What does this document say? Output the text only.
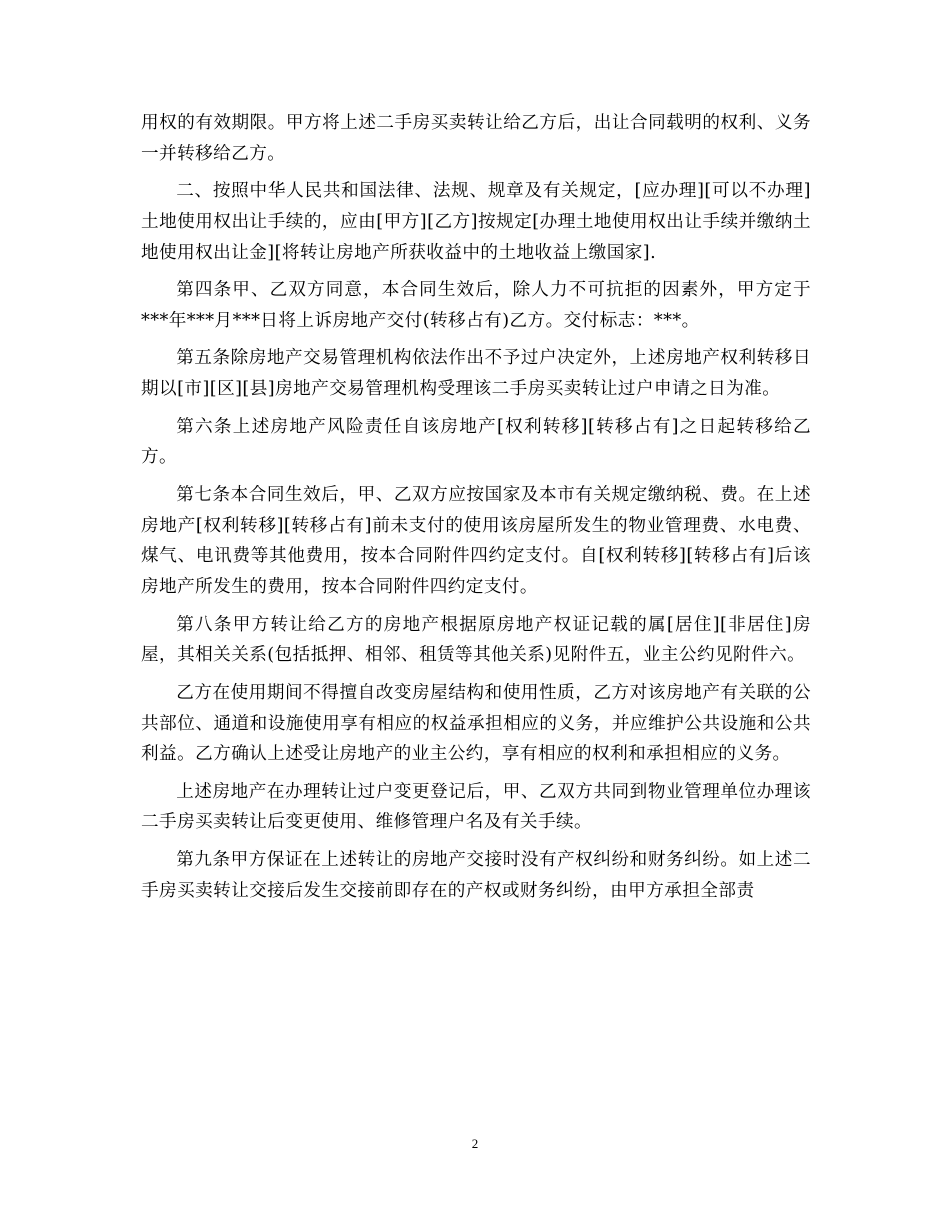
用权的有效期限。甲方将上述二手房买卖转让给乙方后，出让合同载明的权利、义务一并转移给乙方。

二、按照中华人民共和国法律、法规、规章及有关规定，[应办理][可以不办理]土地使用权出让手续的，应由[甲方][乙方]按规定[办理土地使用权出让手续并缴纳土地使用权出让金][将转让房地产所获收益中的土地收益上缴国家].

第四条甲、乙双方同意，本合同生效后，除人力不可抗拒的因素外，甲方定于***年***月***日将上诉房地产交付(转移占有)乙方。交付标志：***。

第五条除房地产交易管理机构依法作出不予过户决定外，上述房地产权利转移日期以[市][区][县]房地产交易管理机构受理该二手房买卖转让过户申请之日为准。

第六条上述房地产风险责任自该房地产[权利转移][转移占有]之日起转移给乙方。

第七条本合同生效后，甲、乙双方应按国家及本市有关规定缴纳税、费。在上述房地产[权利转移][转移占有]前未支付的使用该房屋所发生的物业管理费、水电费、煤气、电讯费等其他费用，按本合同附件四约定支付。自[权利转移][转移占有]后该房地产所发生的费用，按本合同附件四约定支付。

第八条甲方转让给乙方的房地产根据原房地产权证记载的属[居住][非居住]房屋，其相关关系(包括抵押、相邻、租赁等其他关系)见附件五，业主公约见附件六。

乙方在使用期间不得擅自改变房屋结构和使用性质，乙方对该房地产有关联的公共部位、通道和设施使用享有相应的权益承担相应的义务，并应维护公共设施和公共利益。乙方确认上述受让房地产的业主公约，享有相应的权利和承担相应的义务。

上述房地产在办理转让过户变更登记后，甲、乙双方共同到物业管理单位办理该二手房买卖转让后变更使用、维修管理户名及有关手续。

第九条甲方保证在上述转让的房地产交接时没有产权纠纷和财务纠纷。如上述二手房买卖转让交接后发生交接前即存在的产权或财务纠纷，由甲方承担全部责

2
